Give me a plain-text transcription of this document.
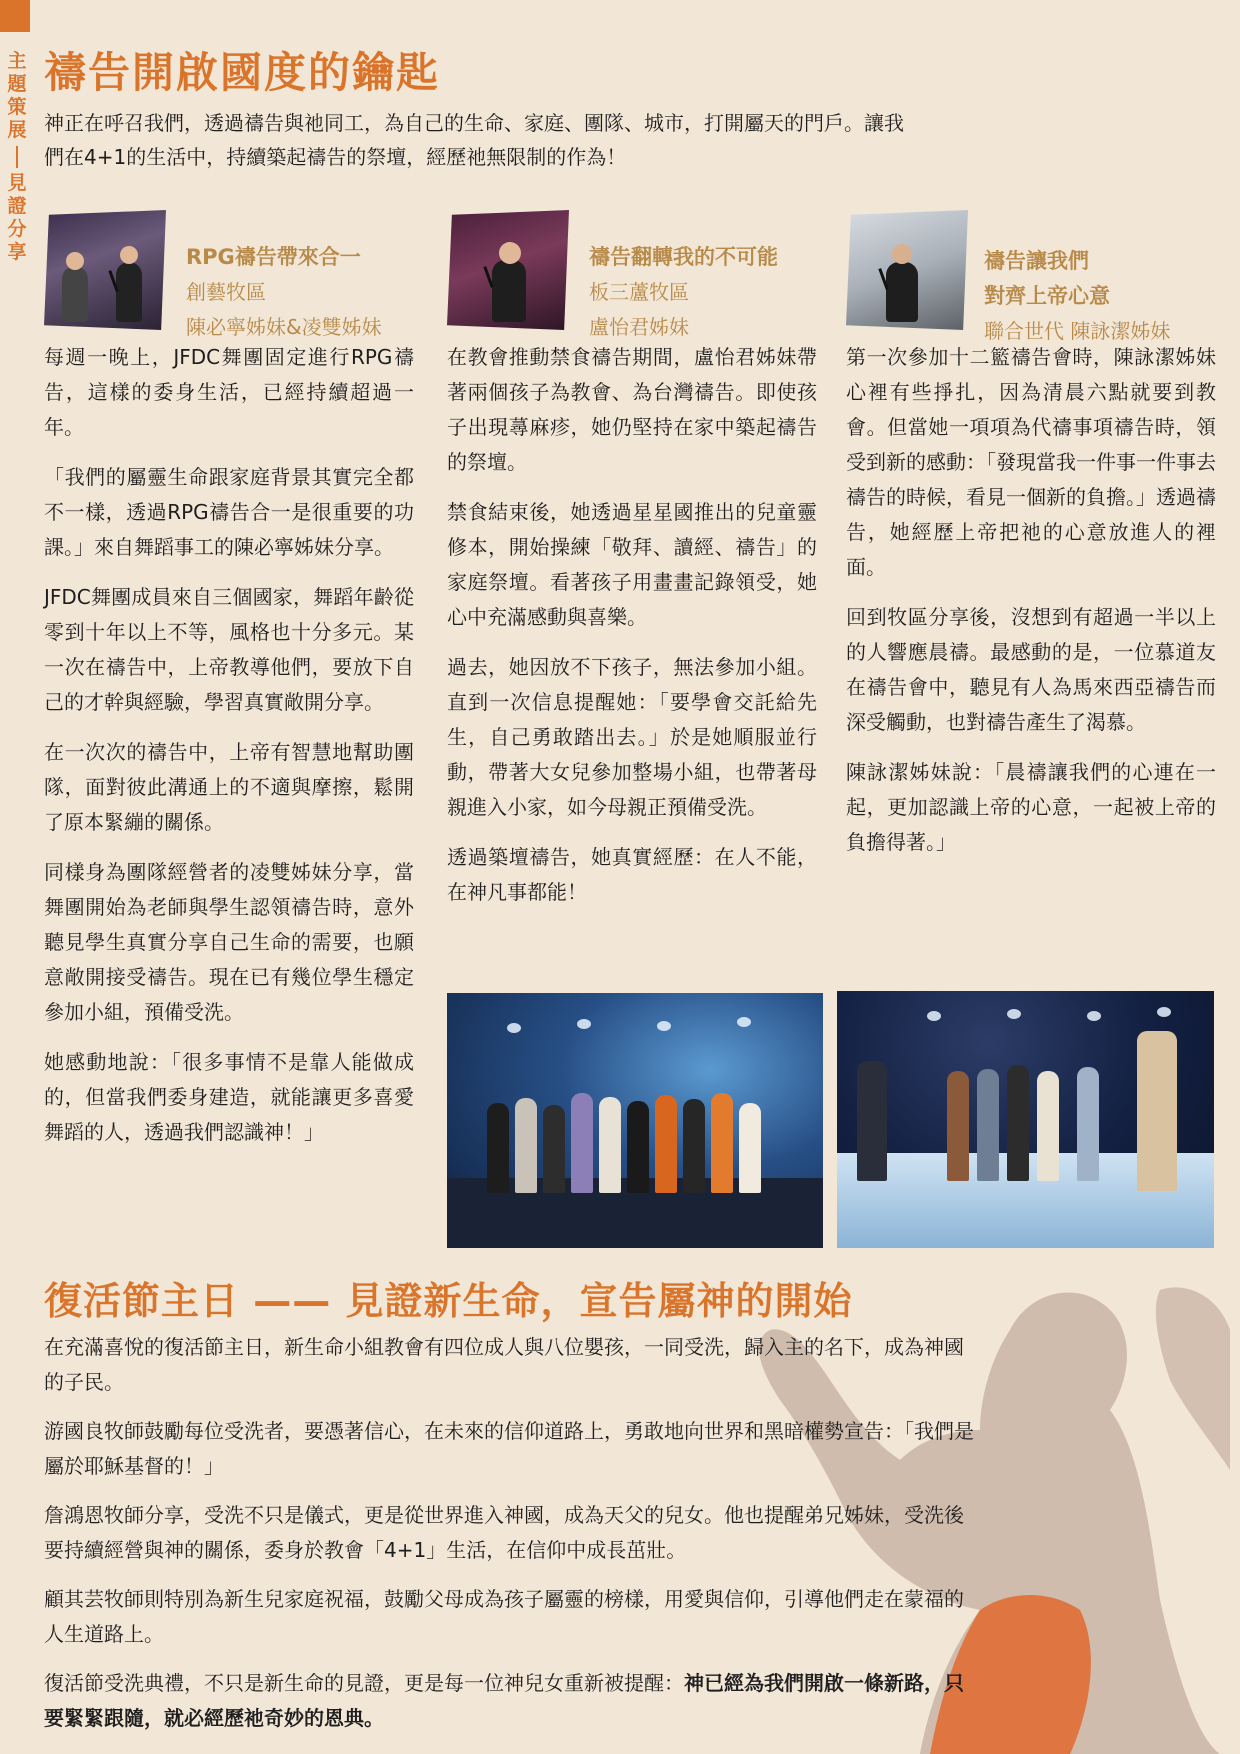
主
題
策
展
見
證
分
享
禱告開啟國度的鑰匙

神正在呼召我們，透過禱告與祂同工，為自己的生命、家庭、團隊、城市，打開屬天的門戶。讓我們在4+1的生活中，持續築起禱告的祭壇，經歷祂無限制的作為！

RPG禱告帶來合一
創藝牧區
陳必寧姊妹&凌雙姊妹

每週一晚上，JFDC舞團固定進行RPG禱告，這樣的委身生活，已經持續超過一年。

「我們的屬靈生命跟家庭背景其實完全都不一樣，透過RPG禱告合一是很重要的功課。」來自舞蹈事工的陳必寧姊妹分享。

JFDC舞團成員來自三個國家，舞蹈年齡從零到十年以上不等，風格也十分多元。某一次在禱告中，上帝教導他們，要放下自己的才幹與經驗，學習真實敞開分享。

在一次次的禱告中，上帝有智慧地幫助團隊，面對彼此溝通上的不適與摩擦，鬆開了原本緊繃的關係。

同樣身為團隊經營者的凌雙姊妹分享，當舞團開始為老師與學生認領禱告時，意外聽見學生真實分享自己生命的需要，也願意敞開接受禱告。現在已有幾位學生穩定參加小組，預備受洗。

她感動地說：「很多事情不是靠人能做成的，但當我們委身建造，就能讓更多喜愛舞蹈的人，透過我們認識神！」

禱告翻轉我的不可能
板三蘆牧區
盧怡君姊妹

在教會推動禁食禱告期間，盧怡君姊妹帶著兩個孩子為教會、為台灣禱告。即使孩子出現蕁麻疹，她仍堅持在家中築起禱告的祭壇。

禁食結束後，她透過星星國推出的兒童靈修本，開始操練「敬拜、讀經、禱告」的家庭祭壇。看著孩子用畫畫記錄領受，她心中充滿感動與喜樂。

過去，她因放不下孩子，無法參加小組。直到一次信息提醒她：「要學會交託給先生，自己勇敢踏出去。」於是她順服並行動，帶著大女兒參加整場小組，也帶著母親進入小家，如今母親正預備受洗。

透過築壇禱告，她真實經歷：在人不能，在神凡事都能！

禱告讓我們
對齊上帝心意
聯合世代 陳詠潔姊妹

第一次參加十二籃禱告會時，陳詠潔姊妹心裡有些掙扎，因為清晨六點就要到教會。但當她一項項為代禱事項禱告時，領受到新的感動：「發現當我一件事一件事去禱告的時候，看見一個新的負擔。」透過禱告，她經歷上帝把祂的心意放進人的裡面。

回到牧區分享後，沒想到有超過一半以上的人響應晨禱。最感動的是，一位慕道友在禱告會中，聽見有人為馬來西亞禱告而深受觸動，也對禱告產生了渴慕。

陳詠潔姊妹說：「晨禱讓我們的心連在一起，更加認識上帝的心意，一起被上帝的負擔得著。」

復活節主日 —— 見證新生命，宣告屬神的開始

在充滿喜悅的復活節主日，新生命小組教會有四位成人與八位嬰孩，一同受洗，歸入主的名下，成為神國的子民。

游國良牧師鼓勵每位受洗者，要憑著信心，在未來的信仰道路上，勇敢地向世界和黑暗權勢宣告：「我們是屬於耶穌基督的！」

詹鴻恩牧師分享，受洗不只是儀式，更是從世界進入神國，成為天父的兒女。他也提醒弟兄姊妹，受洗後要持續經營與神的關係，委身於教會「4+1」生活，在信仰中成長茁壯。

顧其芸牧師則特別為新生兒家庭祝福，鼓勵父母成為孩子屬靈的榜樣，用愛與信仰，引導他們走在蒙福的人生道路上。

復活節受洗典禮，不只是新生命的見證，更是每一位神兒女重新被提醒：神已經為我們開啟一條新路，只要緊緊跟隨，就必經歷祂奇妙的恩典。
